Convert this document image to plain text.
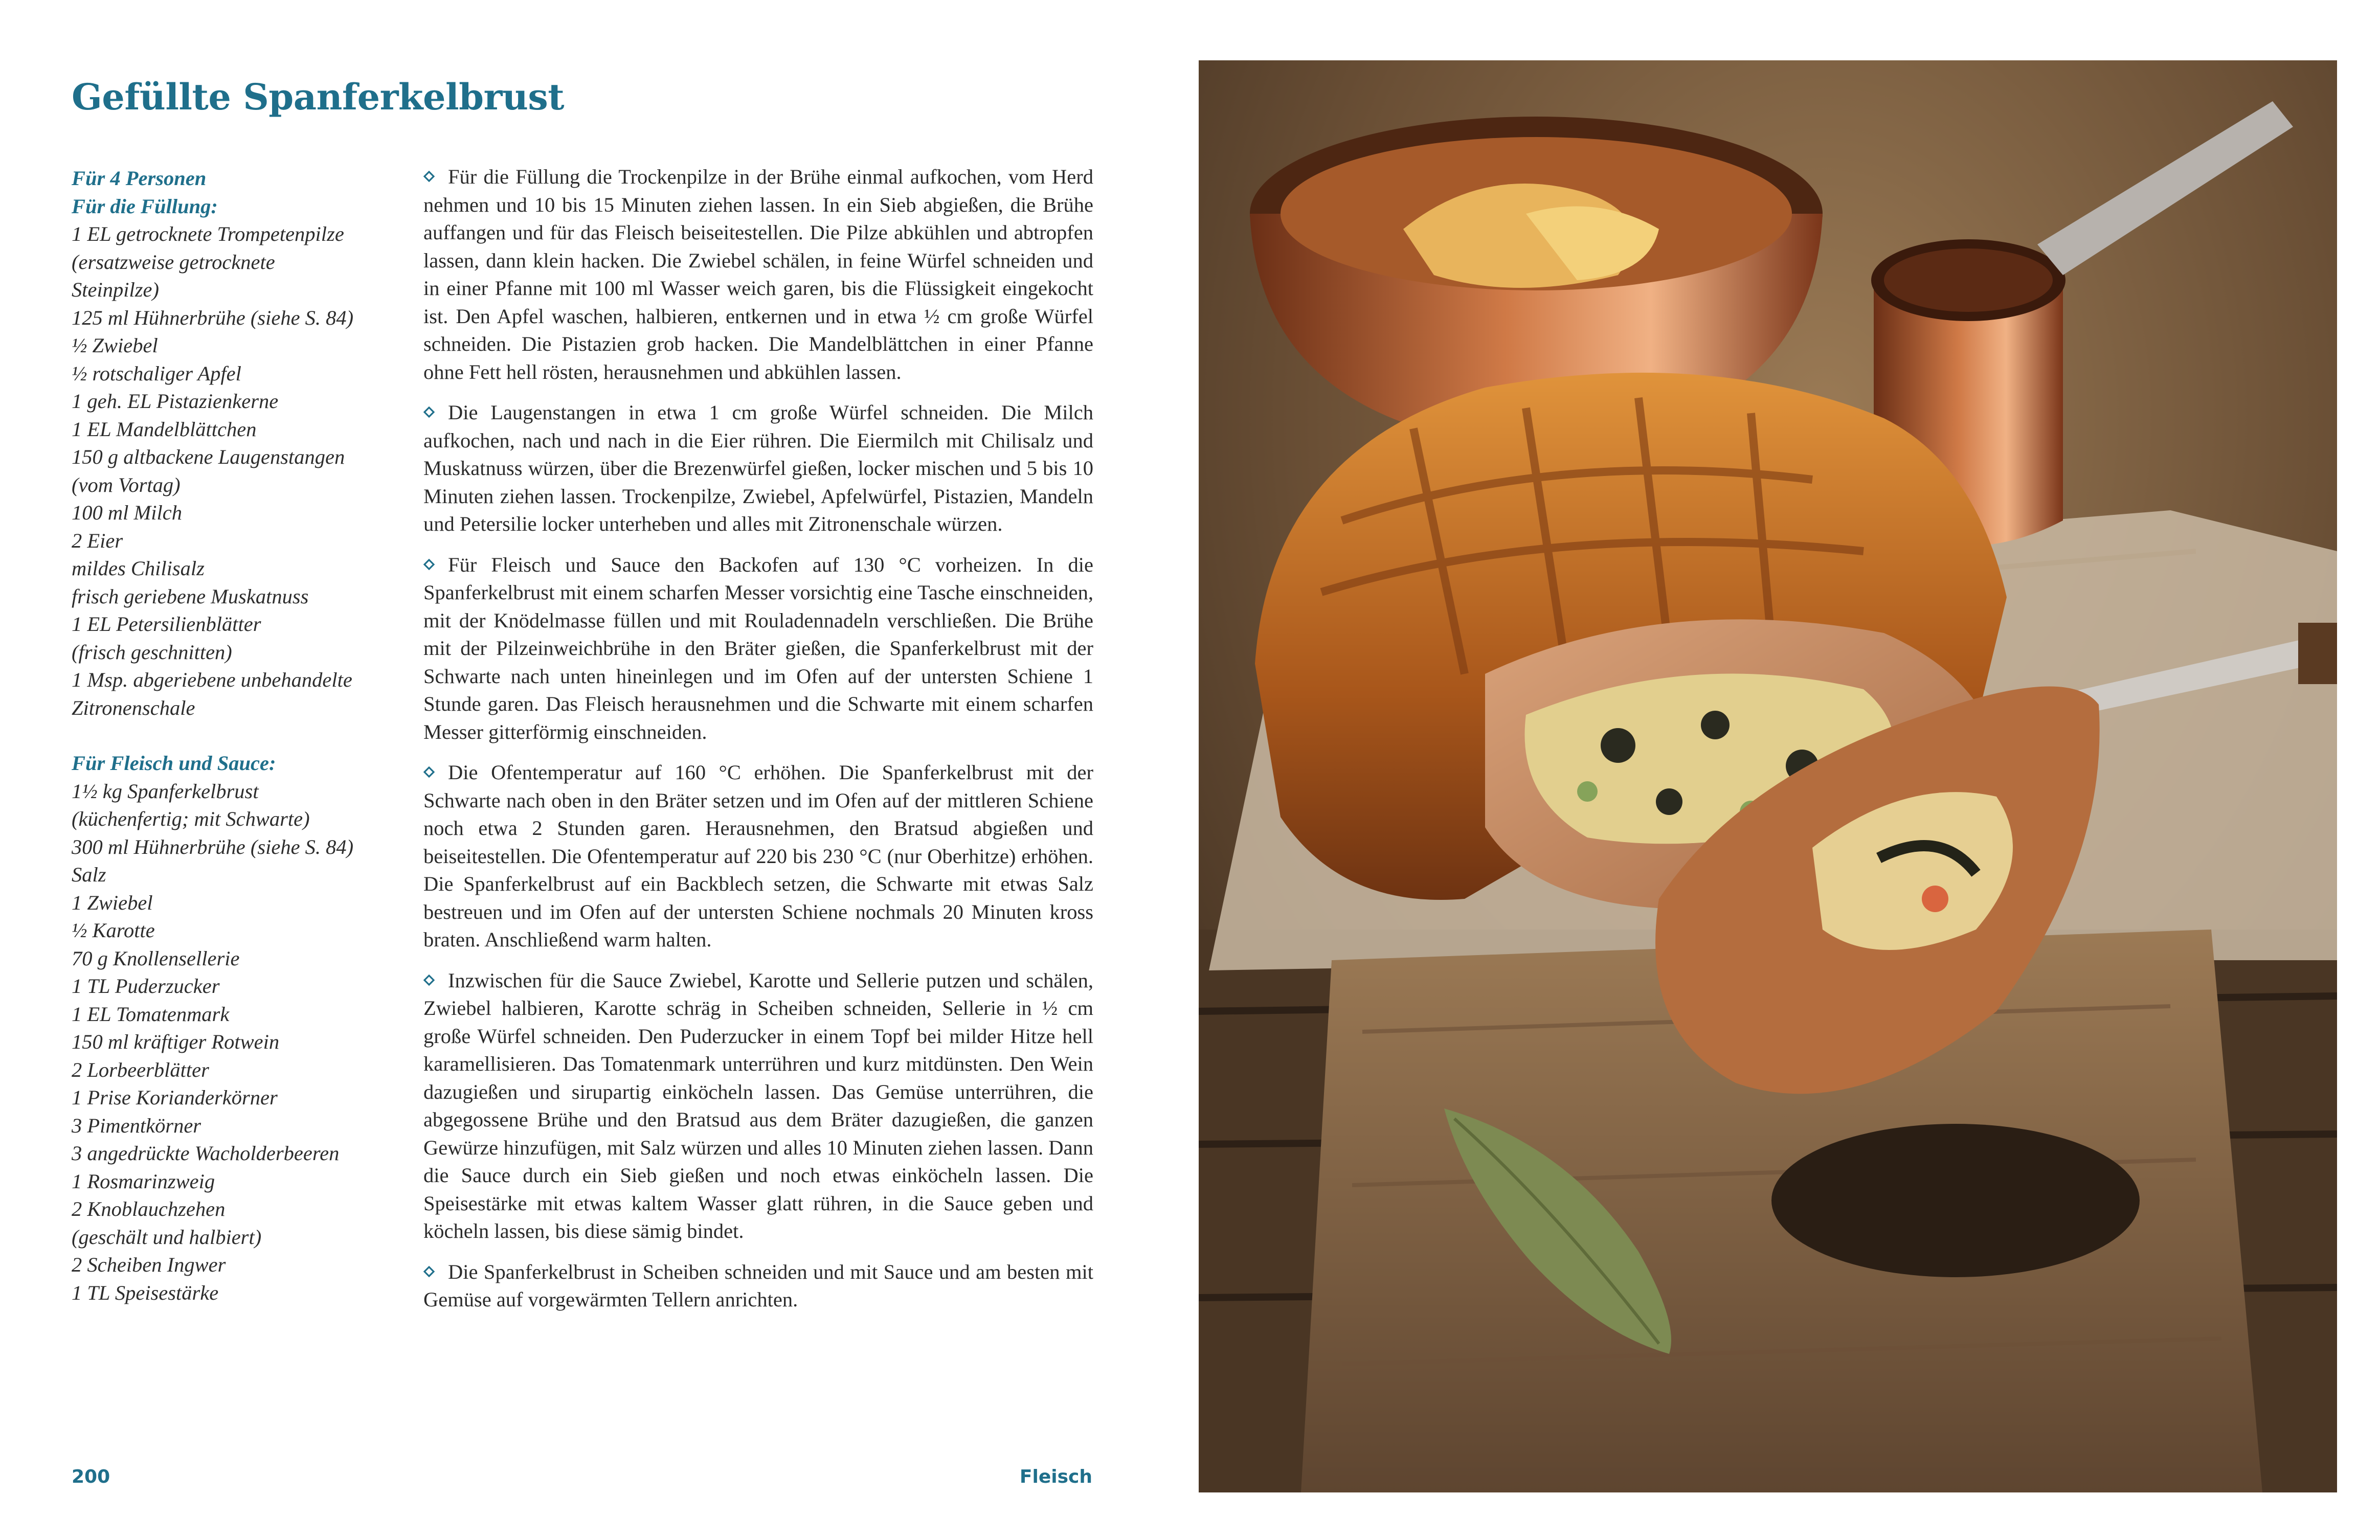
Gefüllte Spanferkelbrust
Für 4 Personen
Für die Füllung:
1 EL getrocknete Trompetenpilze
(ersatzweise getrocknete
Steinpilze)
125 ml Hühnerbrühe (siehe S. 84)
½ Zwiebel
½ rotschaliger Apfel
1 geh. EL Pistazienkerne
1 EL Mandelblättchen
150 g altbackene Laugenstangen
(vom Vortag)
100 ml Milch
2 Eier
mildes Chilisalz
frisch geriebene Muskatnuss
1 EL Petersilienblätter
(frisch geschnitten)
1 Msp. abgeriebene unbehandelte
Zitronenschale
Für Fleisch und Sauce:
1½ kg Spanferkelbrust
(küchenfertig; mit Schwarte)
300 ml Hühnerbrühe (siehe S. 84)
Salz
1 Zwiebel
½ Karotte
70 g Knollensellerie
1 TL Puderzucker
1 EL Tomatenmark
150 ml kräftiger Rotwein
2 Lorbeerblätter
1 Prise Korianderkörner
3 Pimentkörner
3 angedrückte Wacholderbeeren
1 Rosmarinzweig
2 Knoblauchzehen
(geschält und halbiert)
2 Scheiben Ingwer
1 TL Speisestärke
Für die Füllung die Trockenpilze in der Brühe einmal aufkochen, vom Herd nehmen und 10 bis 15 Minuten ziehen lassen. In ein Sieb abgießen, die Brühe auffangen und für das Fleisch beiseitestellen. Die Pilze abkühlen und abtropfen lassen, dann klein hacken. Die Zwiebel schälen, in feine Würfel schneiden und in einer Pfanne mit 100 ml Wasser weich garen, bis die Flüssigkeit eingekocht ist. Den Apfel waschen, halbieren, entkernen und in etwa ½ cm große Würfel schneiden. Die Pistazien grob hacken. Die Mandelblättchen in einer Pfanne ohne Fett hell rösten, herausnehmen und abkühlen lassen.
Die Laugenstangen in etwa 1 cm große Würfel schneiden. Die Milch aufkochen, nach und nach in die Eier rühren. Die Eiermilch mit Chilisalz und Muskatnuss würzen, über die Brezenwürfel gießen, locker mischen und 5 bis 10 Minuten ziehen lassen. Trockenpilze, Zwiebel, Apfelwürfel, Pistazien, Mandeln und Petersilie locker unterheben und alles mit Zitronenschale würzen.
Für Fleisch und Sauce den Backofen auf 130 °C vorheizen. In die Spanferkelbrust mit einem scharfen Messer vorsichtig eine Tasche einschneiden, mit der Knödelmasse füllen und mit Rouladennadeln verschließen. Die Brühe mit der Pilzeinweichbrühe in den Bräter gießen, die Spanferkelbrust mit der Schwarte nach unten hineinlegen und im Ofen auf der untersten Schiene 1 Stunde garen. Das Fleisch herausnehmen und die Schwarte mit einem scharfen Messer gitterförmig einschneiden.
Die Ofentemperatur auf 160 °C erhöhen. Die Spanferkelbrust mit der Schwarte nach oben in den Bräter setzen und im Ofen auf der mittleren Schiene noch etwa 2 Stunden garen. Herausnehmen, den Bratsud abgießen und beiseitestellen. Die Ofentemperatur auf 220 bis 230 °C (nur Oberhitze) erhöhen. Die Spanferkelbrust auf ein Backblech setzen, die Schwarte mit etwas Salz bestreuen und im Ofen auf der untersten Schiene nochmals 20 Minuten kross braten. Anschließend warm halten.
Inzwischen für die Sauce Zwiebel, Karotte und Sellerie putzen und schälen, Zwiebel halbieren, Karotte schräg in Scheiben schneiden, Sellerie in ½ cm große Würfel schneiden. Den Puderzucker in einem Topf bei milder Hitze hell karamellisieren. Das Tomatenmark unterrühren und kurz mitdünsten. Den Wein dazugießen und sirupartig einköcheln lassen. Das Gemüse unterrühren, die abgegossene Brühe und den Bratsud aus dem Bräter dazugießen, die ganzen Gewürze hinzufügen, mit Salz würzen und alles 10 Minuten ziehen lassen. Dann die Sauce durch ein Sieb gießen und noch etwas einköcheln lassen. Die Speisestärke mit etwas kaltem Wasser glatt rühren, in die Sauce geben und köcheln lassen, bis diese sämig bindet.
Die Spanferkelbrust in Scheiben schneiden und mit Sauce und am besten mit Gemüse auf vorgewärmten Tellern anrichten.
200	Fleisch
